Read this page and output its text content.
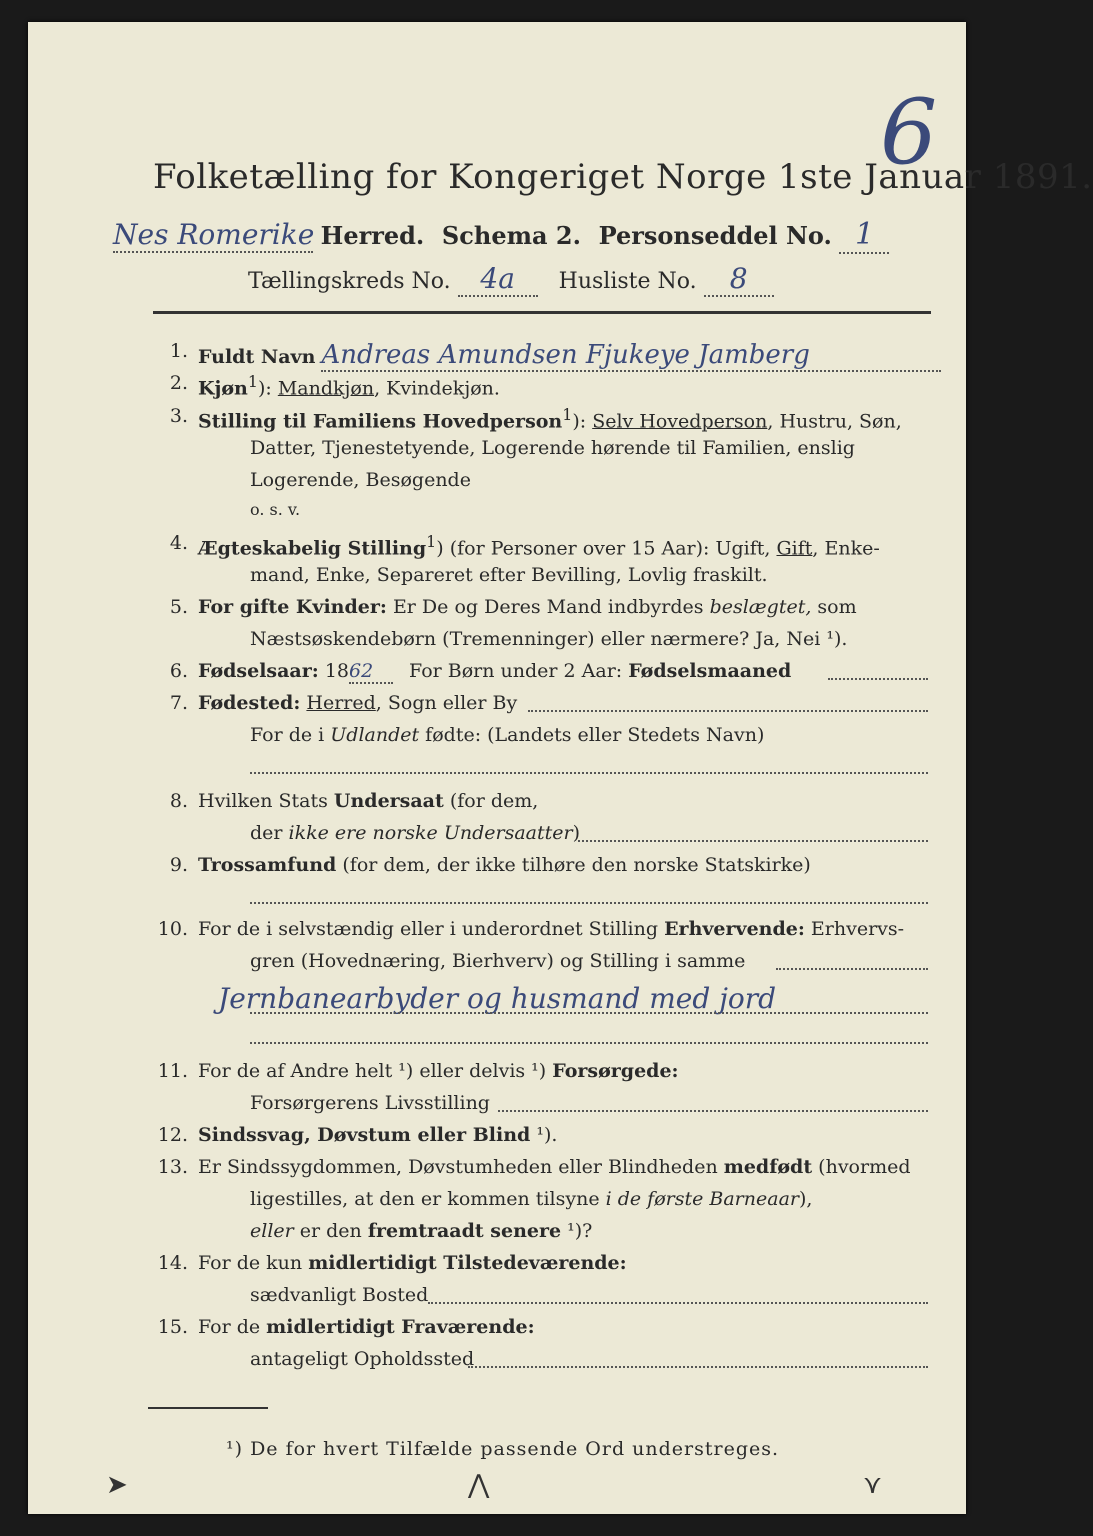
6
Folketælling for Kongeriget Norge 1ste Januar 1891.
Nes Romerike Herred. Schema 2. Personseddel No. 1
Tællingskreds No. 4a Husliste No. 8
1. Fuldt Navn Andreas Amundsen Fjukeye Jamberg
2. Kjøn$^1$): Mandkjøn, Kvindekjøn.
3. Stilling til Familiens Hovedperson$^1$): Selv Hovedperson, Hustru, Søn,
Datter, Tjenestetyende, Logerende hørende til Familien, enslig
Logerende, Besøgende
o. s. v.
4. Ægteskabelig Stilling$^1$) (for Personer over 15 Aar): Ugift, Gift, Enke-
mand, Enke, Separeret efter Bevilling, Lovlig fraskilt.
5. For gifte Kvinder: Er De og Deres Mand indbyrdes beslægtet, som
Næstsøskendebørn (Tremenninger) eller nærmere? Ja, Nei ¹).
6. Fødselsaar: 1862 For Børn under 2 Aar: Fødselsmaaned
7. Fødested: Herred, Sogn eller By
For de i Udlandet fødte: (Landets eller Stedets Navn)
8. Hvilken Stats Undersaat (for dem,
der ikke ere norske Undersaatter)
9. Trossamfund (for dem, der ikke tilhøre den norske Statskirke)
10. For de i selvstændig eller i underordnet Stilling Erhvervende: Erhvervs-
gren (Hovednæring, Bierhverv) og Stilling i samme
Jernbanearbyder og husmand med jord
11. For de af Andre helt ¹) eller delvis ¹) Forsørgede:
Forsørgerens Livsstilling
12. Sindssvag, Døvstum eller Blind ¹).
13. Er Sindssygdommen, Døvstumheden eller Blindheden medfødt (hvormed
ligestilles, at den er kommen tilsyne i de første Barneaar),
eller er den fremtraadt senere ¹)?
14. For de kun midlertidigt Tilstedeværende:
sædvanligt Bosted
15. For de midlertidigt Fraværende:
antageligt Opholdssted
¹) De for hvert Tilfælde passende Ord understreges.
➤	⋀	⋎
